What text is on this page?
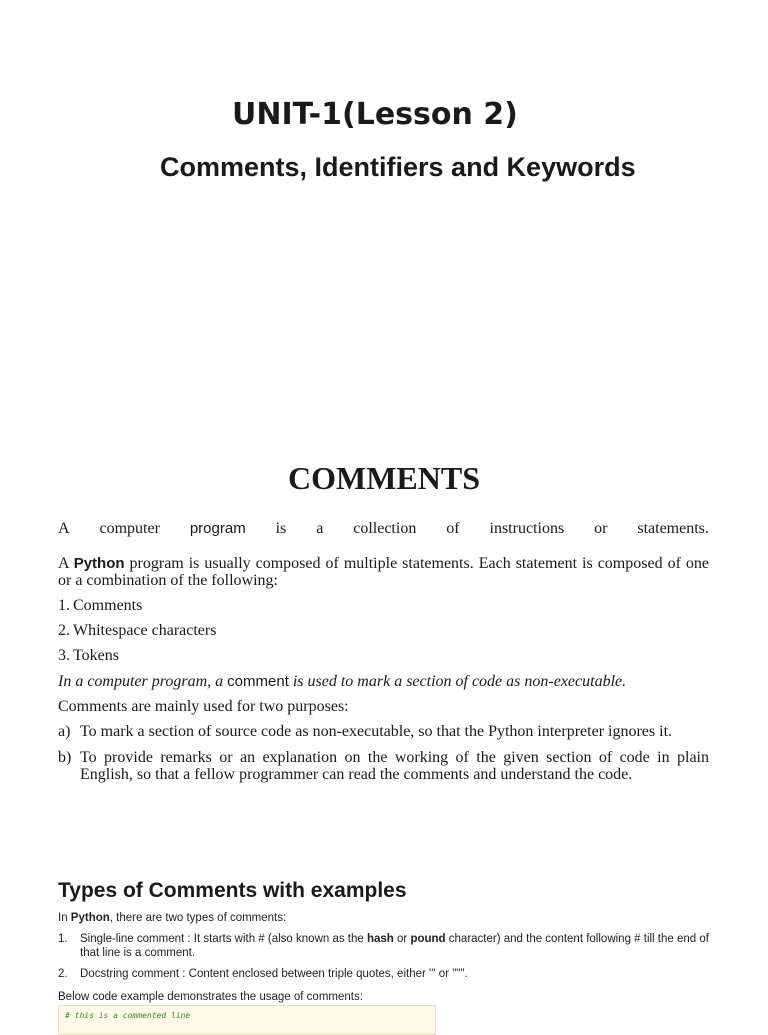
UNIT-1(Lesson 2)
Comments, Identifiers and Keywords
COMMENTS

A computer program is a collection of instructions or statements.

A Python program is usually composed of multiple statements. Each statement is composed of one or a combination of the following:

1. Comments

2. Whitespace characters

3. Tokens

In a computer program, a comment is used to mark a section of code as non-executable.

Comments are mainly used for two purposes:

a) To mark a section of source code as non-executable, so that the Python interpreter ignores it.
b) To provide remarks or an explanation on the working of the given section of code in plain English, so that a fellow programmer can read the comments and understand the code.
Types of Comments with examples

In Python, there are two types of comments:

1.	Single-line comment : It starts with # (also known as the hash or pound character) and the content following # till the end of that line is a comment.
2.	Docstring comment : Content enclosed between triple quotes, either ''' or """.

Below code example demonstrates the usage of comments:

# this is a commented line
